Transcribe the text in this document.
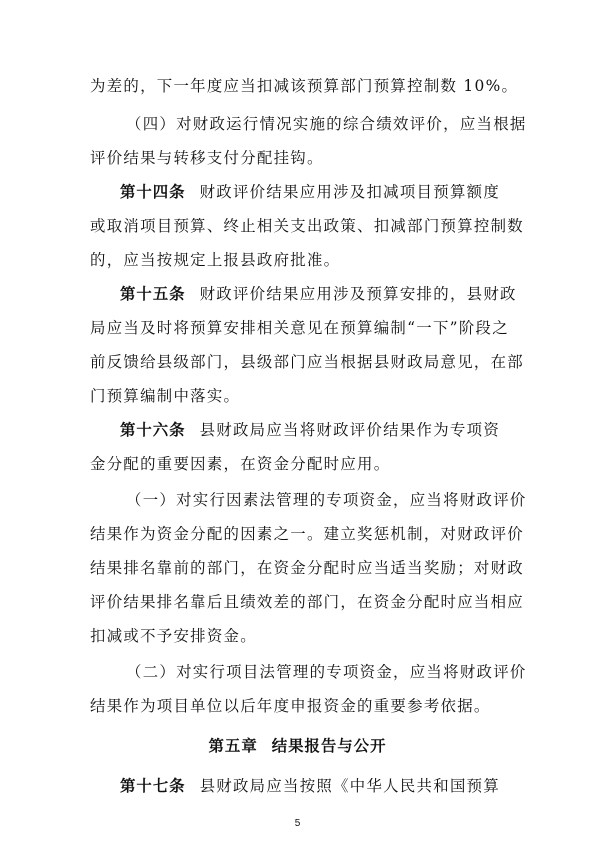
为差的，下一年度应当扣减该预算部门预算控制数 10%。
（四）对财政运行情况实施的综合绩效评价，应当根据
评价结果与转移支付分配挂钩。
第十四条 财政评价结果应用涉及扣减项目预算额度
或取消项目预算、终止相关支出政策、扣减部门预算控制数
的，应当按规定上报县政府批准。
第十五条 财政评价结果应用涉及预算安排的，县财政
局应当及时将预算安排相关意见在预算编制“一下”阶段之
前反馈给县级部门，县级部门应当根据县财政局意见，在部
门预算编制中落实。
第十六条 县财政局应当将财政评价结果作为专项资
金分配的重要因素，在资金分配时应用。
（一）对实行因素法管理的专项资金，应当将财政评价
结果作为资金分配的因素之一。建立奖惩机制，对财政评价
结果排名靠前的部门，在资金分配时应当适当奖励；对财政
评价结果排名靠后且绩效差的部门，在资金分配时应当相应
扣减或不予安排资金。
（二）对实行项目法管理的专项资金，应当将财政评价
结果作为项目单位以后年度申报资金的重要参考依据。
第五章 结果报告与公开
第十七条 县财政局应当按照《中华人民共和国预算
5
